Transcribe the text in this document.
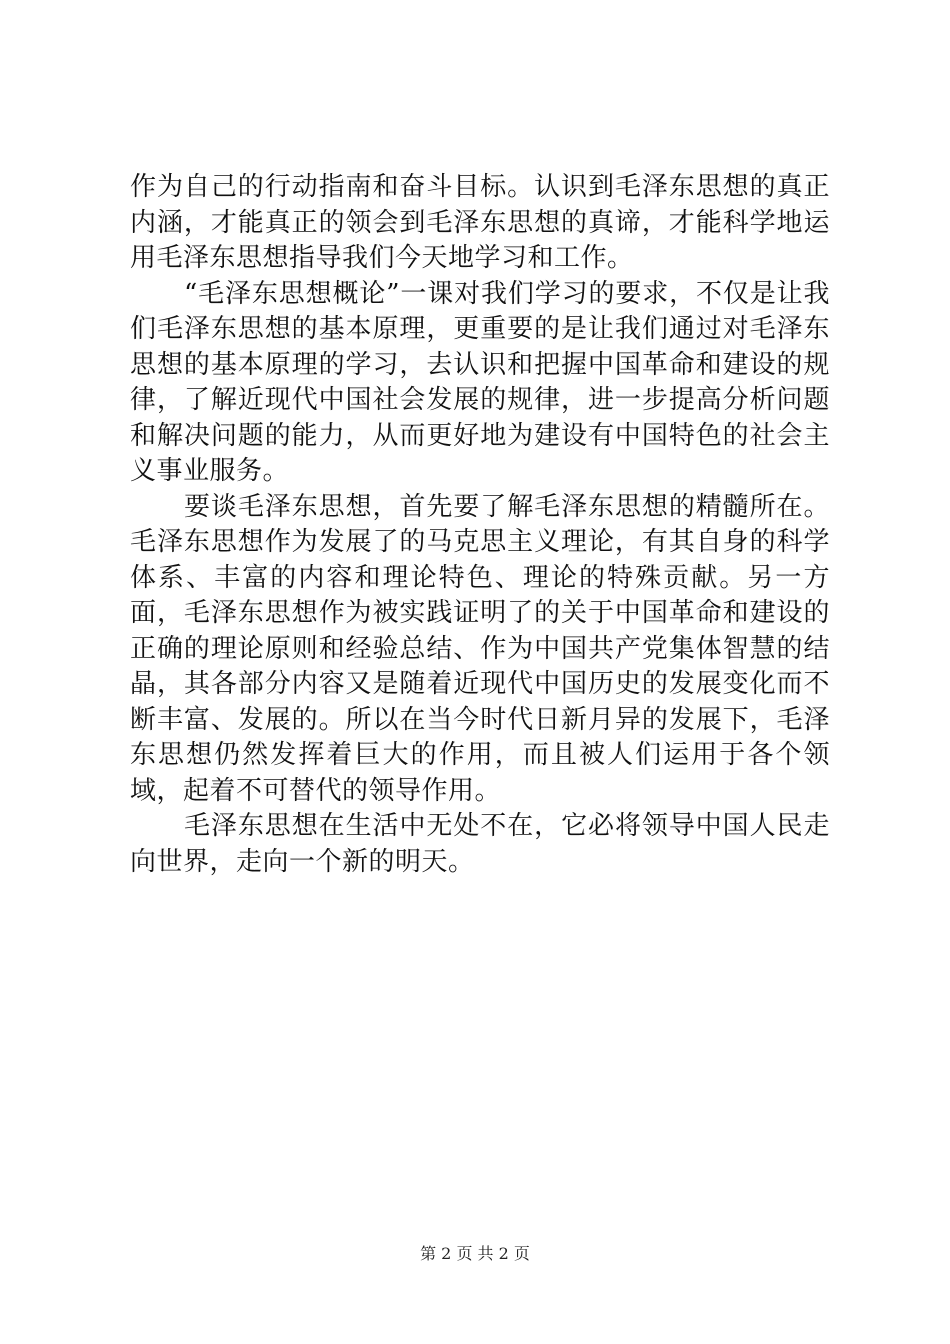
作为自己的行动指南和奋斗目标。认识到毛泽东思想的真正内涵，才能真正的领会到毛泽东思想的真谛，才能科学地运用毛泽东思想指导我们今天地学习和工作。

“毛泽东思想概论”一课对我们学习的要求，不仅是让我们毛泽东思想的基本原理，更重要的是让我们通过对毛泽东思想的基本原理的学习，去认识和把握中国革命和建设的规律，了解近现代中国社会发展的规律，进一步提高分析问题和解决问题的能力，从而更好地为建设有中国特色的社会主义事业服务。

要谈毛泽东思想，首先要了解毛泽东思想的精髓所在。毛泽东思想作为发展了的马克思主义理论，有其自身的科学体系、丰富的内容和理论特色、理论的特殊贡献。另一方面，毛泽东思想作为被实践证明了的关于中国革命和建设的正确的理论原则和经验总结、作为中国共产党集体智慧的结晶，其各部分内容又是随着近现代中国历史的发展变化而不断丰富、发展的。所以在当今时代日新月异的发展下，毛泽东思想仍然发挥着巨大的作用，而且被人们运用于各个领域，起着不可替代的领导作用。

毛泽东思想在生活中无处不在，它必将领导中国人民走向世界，走向一个新的明天。

第 2 页 共 2 页
